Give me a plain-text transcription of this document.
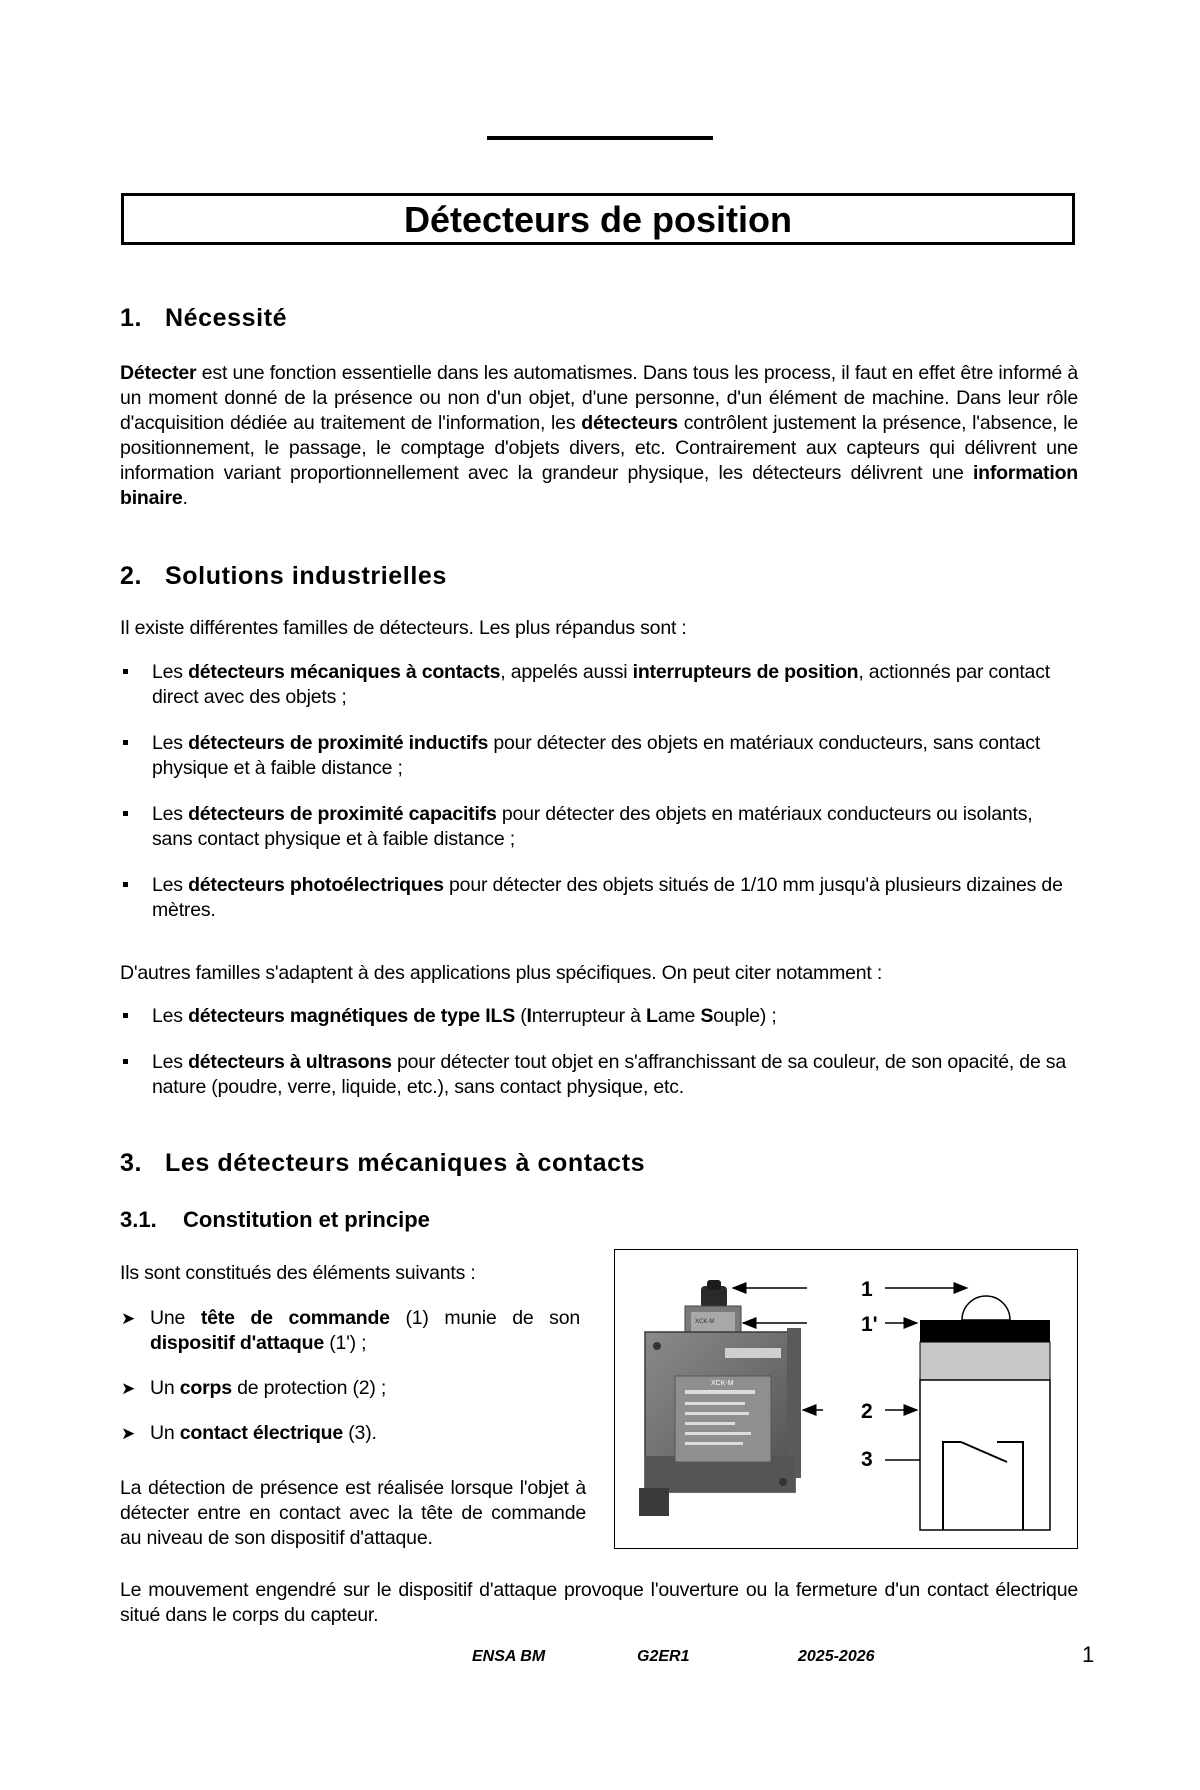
Détecteurs de position
1. Nécessité
Détecter est une fonction essentielle dans les automatismes. Dans tous les process, il faut en effet être informé à un moment donné de la présence ou non d'un objet, d'une personne, d'un élément de machine. Dans leur rôle d'acquisition dédiée au traitement de l'information, les détecteurs contrôlent justement la présence, l'absence, le positionnement, le passage, le comptage d'objets divers, etc. Contrairement aux capteurs qui délivrent une information variant proportionnellement avec la grandeur physique, les détecteurs délivrent une information binaire.
2. Solutions industrielles
Il existe différentes familles de détecteurs. Les plus répandus sont :
Les détecteurs mécaniques à contacts, appelés aussi interrupteurs de position, actionnés par contact direct avec des objets ;
Les détecteurs de proximité inductifs pour détecter des objets en matériaux conducteurs, sans contact physique et à faible distance ;
Les détecteurs de proximité capacitifs pour détecter des objets en matériaux conducteurs ou isolants, sans contact physique et à faible distance ;
Les détecteurs photoélectriques pour détecter des objets situés de 1/10 mm jusqu'à plusieurs dizaines de mètres.
D'autres familles s'adaptent à des applications plus spécifiques. On peut citer notamment :
Les détecteurs magnétiques de type ILS (Interrupteur à Lame Souple) ;
Les détecteurs à ultrasons pour détecter tout objet en s'affranchissant de sa couleur, de son opacité, de sa nature (poudre, verre, liquide, etc.), sans contact physique, etc.
3. Les détecteurs mécaniques à contacts
3.1. Constitution et principe
Ils sont constitués des éléments suivants :
➤ Une tête de commande (1) munie de son dispositif d'attaque (1') ;
➤ Un corps de protection (2) ;
➤ Un contact électrique (3).
La détection de présence est réalisée lorsque l'objet à détecter entre en contact avec la tête de commande au niveau de son dispositif d'attaque.
XCK-M
XCK-M
1
1'
2
3
Le mouvement engendré sur le dispositif d'attaque provoque l'ouverture ou la fermeture d'un contact électrique situé dans le corps du capteur.
ENSA BM	G2ER1	2025-2026	1
